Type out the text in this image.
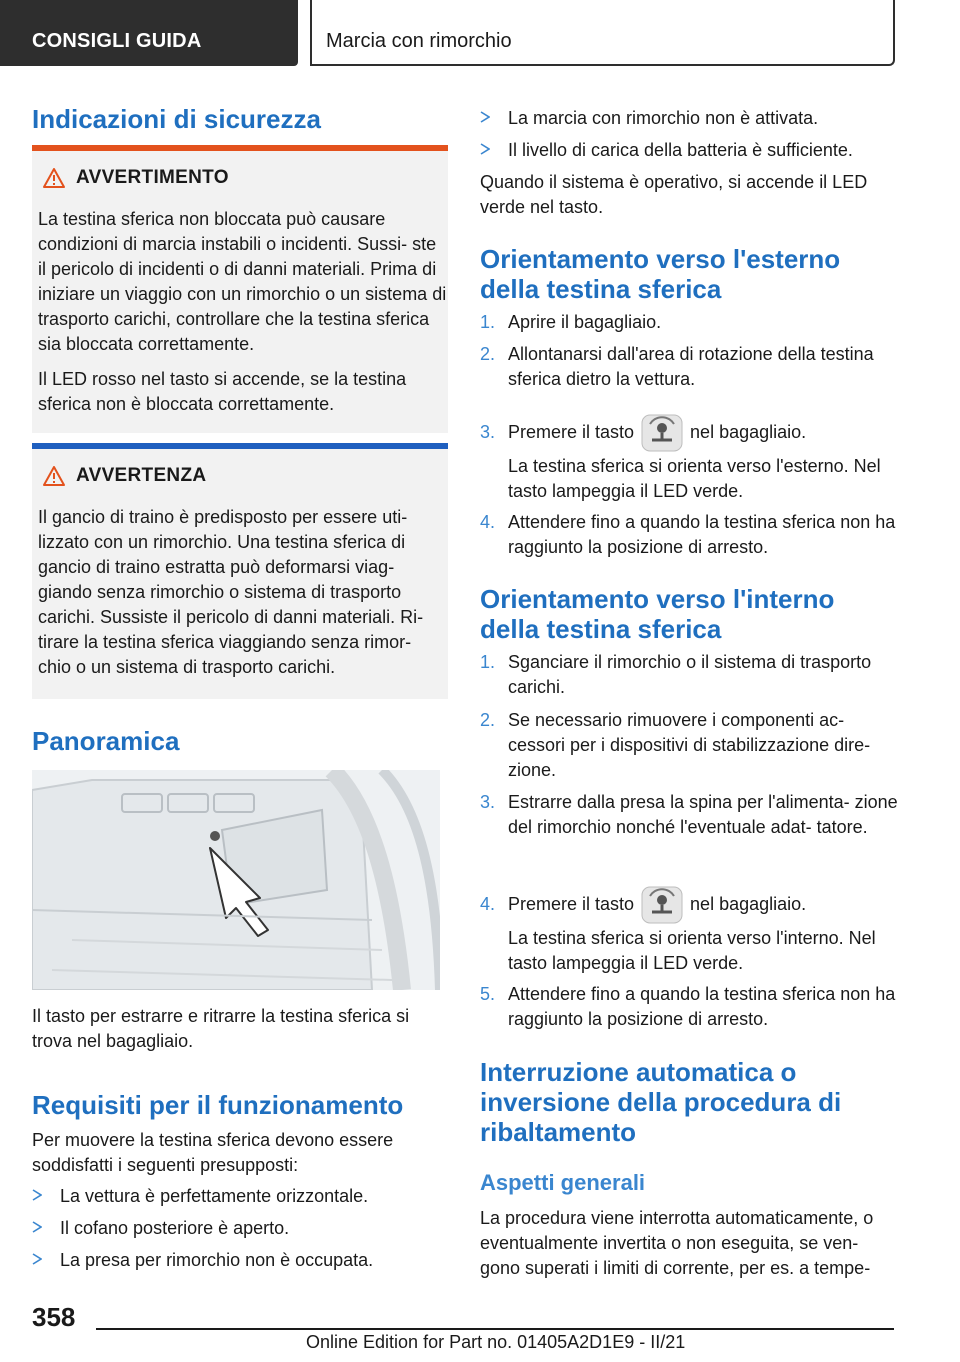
CONSIGLI GUIDA	Marcia con rimorchio
Indicazioni di sicurezza
AVVERTIMENTO
La testina sferica non bloccata può causare condizioni di marcia instabili o incidenti. Sussi- ste il pericolo di incidenti o di danni materiali. Prima di iniziare un viaggio con un rimorchio o un sistema di trasporto carichi, controllare che la testina sferica sia bloccata correttamente.
Il LED rosso nel tasto si accende, se la testina sferica non è bloccata correttamente.
AVVERTENZA
Il gancio di traino è predisposto per essere uti- lizzato con un rimorchio. Una testina sferica di gancio di traino estratta può deformarsi viag- giando senza rimorchio o sistema di trasporto carichi. Sussiste il pericolo di danni materiali. Ri- tirare la testina sferica viaggiando senza rimor- chio o un sistema di trasporto carichi.
Panoramica

Il tasto per estrarre e ritrarre la testina sferica si trova nel bagagliaio.

Requisiti per il funzionamento

Per muovere la testina sferica devono essere soddisfatti i seguenti presupposti:

La vettura è perfettamente orizzontale.
Il cofano posteriore è aperto.
La presa per rimorchio non è occupata.
La marcia con rimorchio non è attivata.
Il livello di carica della batteria è sufficiente.

Quando il sistema è operativo, si accende il LED verde nel tasto.

Orientamento verso l'esterno della testina sferica
1. Aprire il bagagliaio.
2. Allontanarsi dall'area di rotazione della testina sferica dietro la vettura.
3. Premere il tasto	nel bagagliaio.
La testina sferica si orienta verso l'esterno. Nel tasto lampeggia il LED verde.
4. Attendere fino a quando la testina sferica non ha raggiunto la posizione di arresto.
Orientamento verso l'interno della testina sferica
1. Sganciare il rimorchio o il sistema di trasporto carichi.
2. Se necessario rimuovere i componenti ac- cessori per i dispositivi di stabilizzazione dire- zione.
3. Estrarre dalla presa la spina per l'alimenta- zione del rimorchio nonché l'eventuale adat- tatore.
4. Premere il tasto	nel bagagliaio.
La testina sferica si orienta verso l'interno. Nel tasto lampeggia il LED verde.
5. Attendere fino a quando la testina sferica non ha raggiunto la posizione di arresto.
Interruzione automatica o inversione della procedura di ribaltamento
Aspetti generali

La procedura viene interrotta automaticamente, o eventualmente invertita o non eseguita, se ven- gono superati i limiti di corrente, per es. a tempe-

358
Online Edition for Part no. 01405A2D1E9 - II/21
